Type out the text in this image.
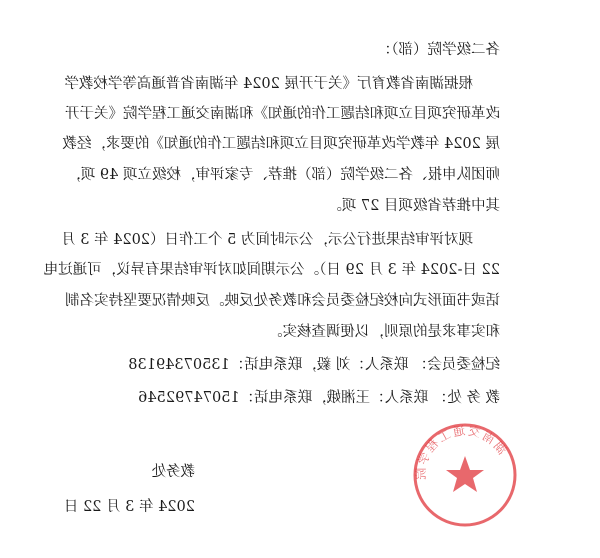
各二级学院（部）：
根据湖南省教育厅《关于开展 2024 年湖南省普通高等学校教学
改革研究项目立项和结题工作的通知》和湖南交通工程学院《关于开
展 2024 年教学改革研究项目立项和结题工作的通知》的要求，经教
师团队申报、各二级学院（部）推荐、专家评审，校级立项 49 项，
其中推荐省级项目 27 项。
现对评审结果进行公示，公示时间为 5 个工作日（2024 年 3 月
22 日-2024 年 3 月 29 日）。公示期间如对评审结果有异议，可通过电
话或书面形式向校纪检委员会和教务处反映。反映情况要坚持实名制
和实事求是的原则，以便调查核实。
纪检委员会： 联系人：刘 毅，联系电话：13507349138
教 务 处： 联系人：王湘娥，联系电话：15074792546
湖南交通工程学院
教务处
2024 年 3 月 22 日
